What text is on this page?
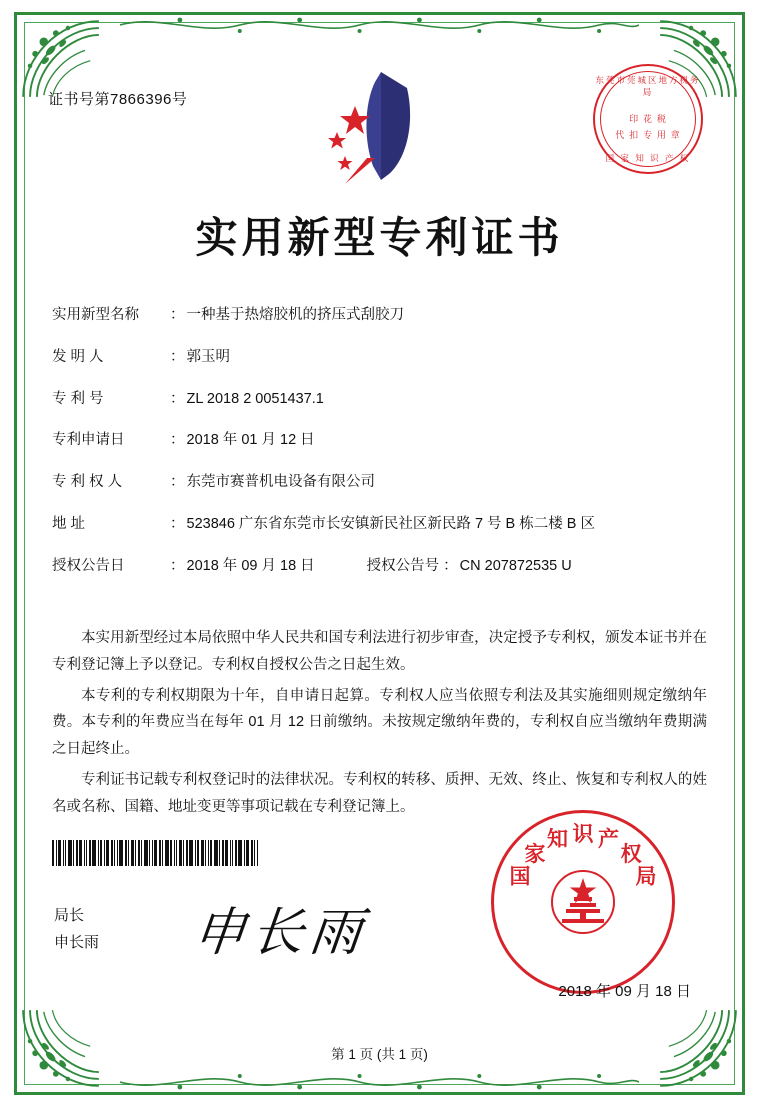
证书号第7866396号
东莞市莞城区地方税务局
印 花 税
代 扣 专 用 章
国 家 知 识 产 权
实用新型专利证书
实用新型名称	： 一种基于热熔胶机的挤压式刮胶刀
发 明 人	： 郭玉明
专 利 号	： ZL 2018 2 0051437.1
专利申请日	： 2018 年 01 月 12 日
专 利 权 人	： 东莞市赛普机电设备有限公司
地 址	： 523846 广东省东莞市长安镇新民社区新民路 7 号 B 栋二楼 B 区
授权公告日	： 2018 年 09 月 18 日	授权公告号 ： CN 207872535 U

本实用新型经过本局依照中华人民共和国专利法进行初步审查，决定授予专利权，颁发本证书并在专利登记簿上予以登记。专利权自授权公告之日起生效。

本专利的专利权期限为十年，自申请日起算。专利权人应当依照专利法及其实施细则规定缴纳年费。本专利的年费应当在每年 01 月 12 日前缴纳。未按规定缴纳年费的，专利权自应当缴纳年费期满之日起终止。

专利证书记载专利权登记时的法律状况。专利权的转移、质押、无效、终止、恢复和专利权人的姓名或名称、国籍、地址变更等事项记载在专利登记簿上。

国
家
知 识 产
权
局
局长
申长雨 申长雨
2018 年 09 月 18 日
第 1 页 (共 1 页)
